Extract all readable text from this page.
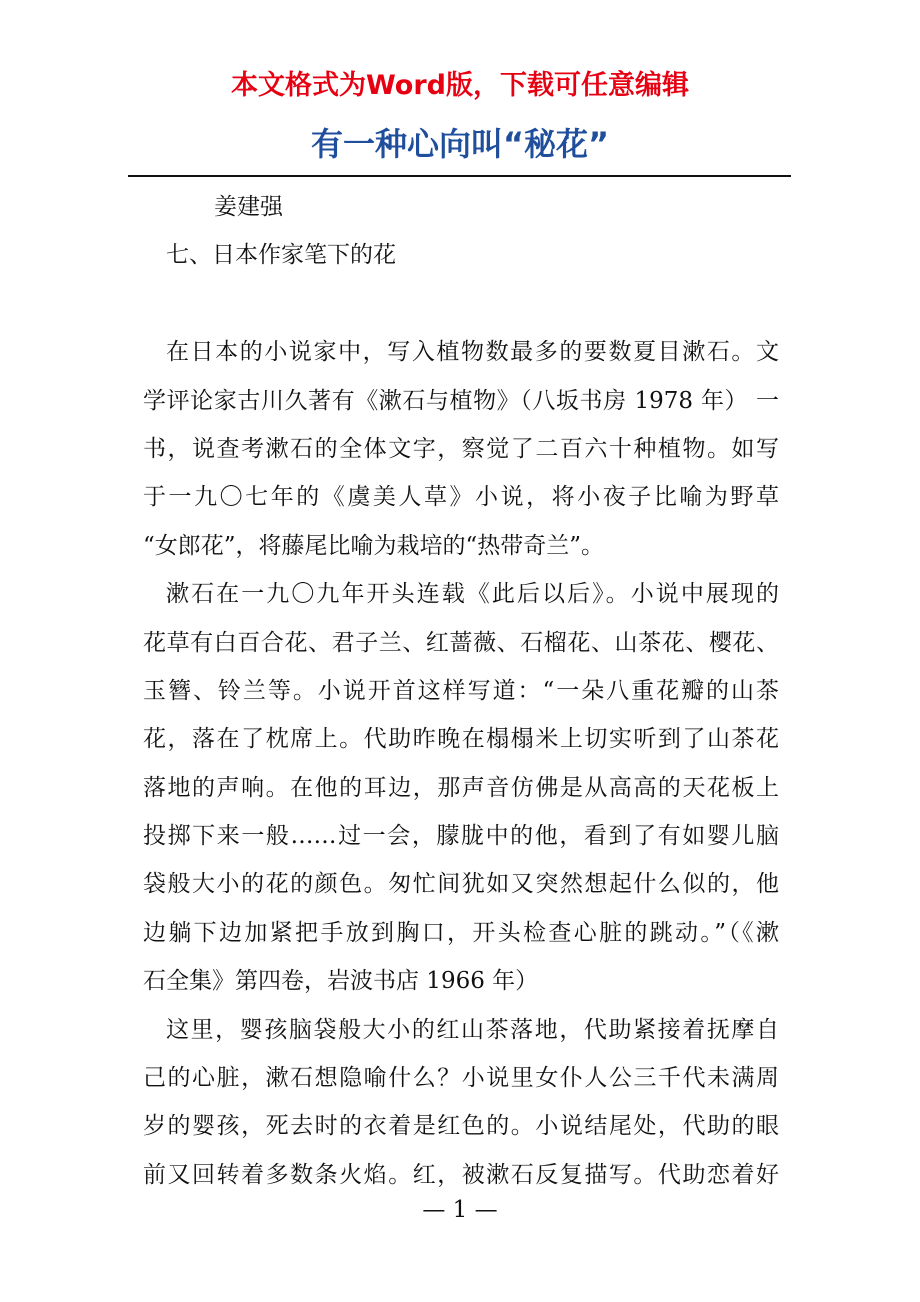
本文格式为Word版，下载可任意编辑
有一种心向叫“秘花”
姜建强
七、日本作家笔下的花
在日本的小说家中，写入植物数最多的要数夏目漱石。文
学评论家古川久著有《漱石与植物》（八坂书房 1978 年） 一
书，说查考漱石的全体文字，察觉了二百六十种植物。如写
于一九〇七年的《虞美人草》小说，将小夜子比喻为野草
“女郎花”，将藤尾比喻为栽培的“热带奇兰”。
漱石在一九〇九年开头连载《此后以后》。小说中展现的
花草有白百合花、君子兰、红蔷薇、石榴花、山茶花、樱花、
玉簪、铃兰等。小说开首这样写道：“一朵八重花瓣的山茶
花，落在了枕席上。代助昨晚在榻榻米上切实听到了山茶花
落地的声响。在他的耳边，那声音仿佛是从高高的天花板上
投掷下来一般……过一会，朦胧中的他，看到了有如婴儿脑
袋般大小的花的颜色。匆忙间犹如又突然想起什么似的，他
边躺下边加紧把手放到胸口，开头检查心脏的跳动。”（《漱
石全集》第四卷，岩波书店 1966 年）
这里，婴孩脑袋般大小的红山茶落地，代助紧接着抚摩自
己的心脏，漱石想隐喻什么？小说里女仆人公三千代未满周
岁的婴孩，死去时的衣着是红色的。小说结尾处，代助的眼
前又回转着多数条火焰。红，被漱石反复描写。代助恋着好
— 1 —
